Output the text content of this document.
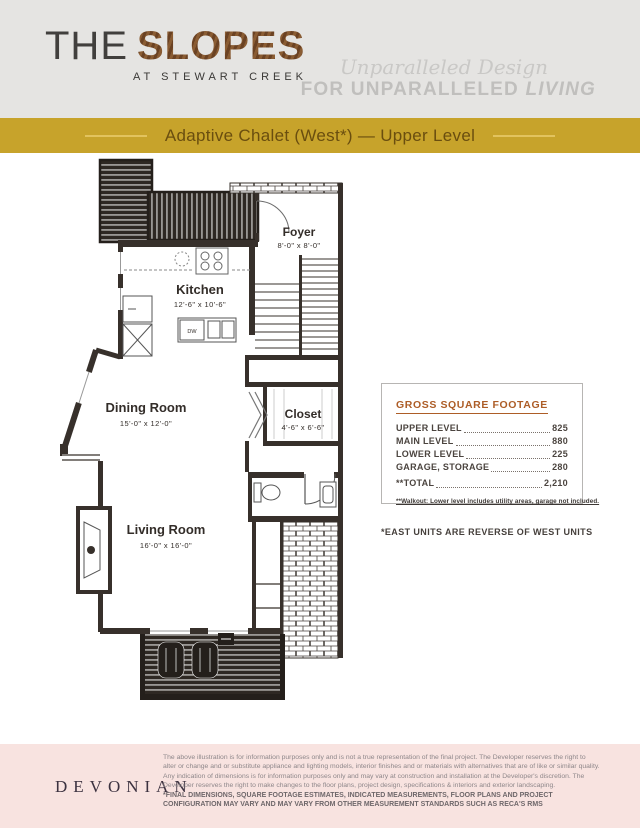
THE SLOPES
AT STEWART CREEK	Unparalleled Design
FOR UNPARALLELED LIVING
Adaptive Chalet (West*) — Upper Level
Foyer
8'-0" x 8'-0"
DW
Kitchen
12'-6" x 10'-6"
Dining Room
15'-0" x 12'-0"
Closet
4'-6" x 6'-6"
Living Room
16'-0" x 16'-0"
GROSS SQUARE FOOTAGE
UPPER LEVEL	825
MAIN LEVEL	880
LOWER LEVEL	225
GARAGE, STORAGE	280
**TOTAL	2,210
**Walkout: Lower level includes utility areas, garage not included.
*EAST UNITS ARE REVERSE OF WEST UNITS
DEVONIAN
The above illustration is for information purposes only and is not a true representation of the final project. The Developer reserves the right to alter or change and or substitute appliance and lighting models, interior finishes and or materials with alternatives that are of like or similar quality. Any indication of dimensions is for information purposes only and may vary at construction and installation at the Developer's discretion. The Developer reserves the right to make changes to the floor plans, project design, specifications & interiors and exterior landscaping.
*FINAL DIMENSIONS, SQUARE FOOTAGE ESTIMATES, INDICATED MEASUREMENTS, FLOOR PLANS AND PROJECT CONFIGURATION MAY VARY AND MAY VARY FROM OTHER MEASUREMENT STANDARDS SUCH AS RECA'S RMS
